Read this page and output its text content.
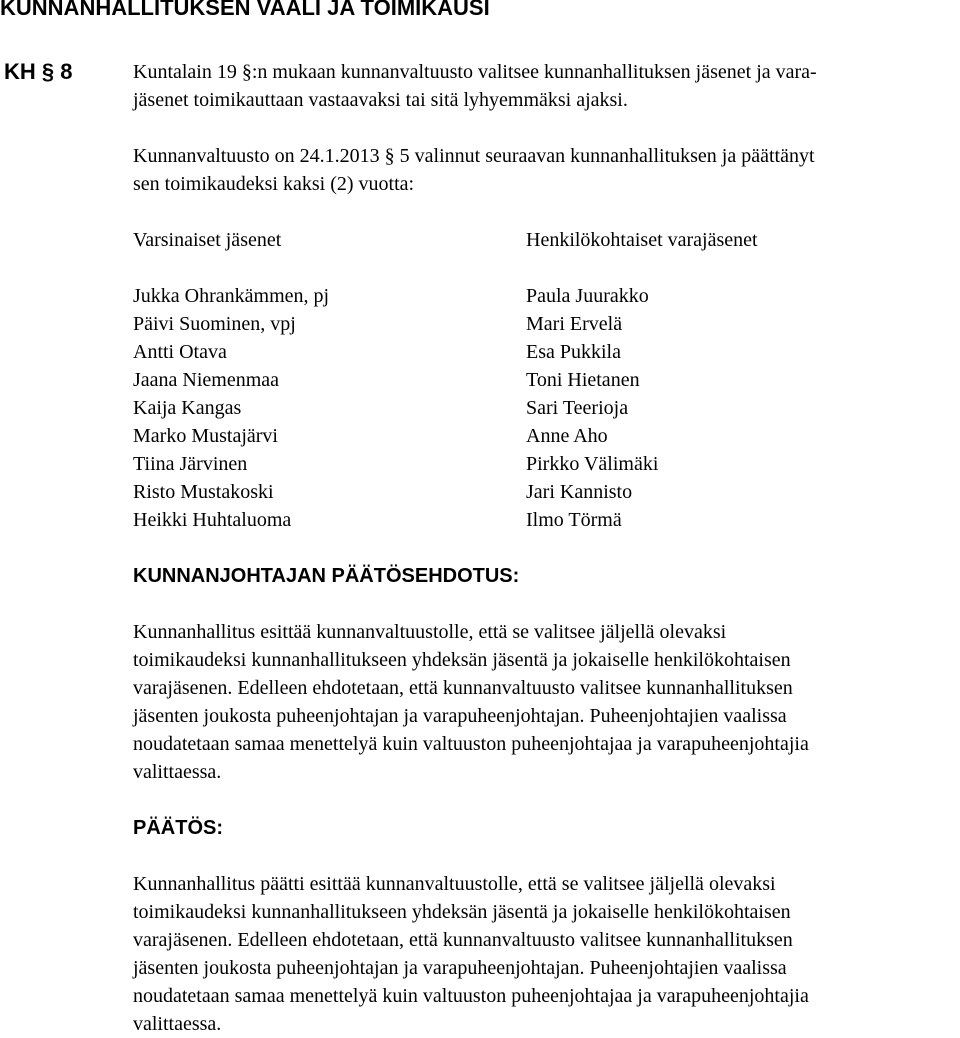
KUNNANHALLITUKSEN VAALI JA TOIMIKAUSI
KH § 8	Kuntalain 19 §:n mukaan kunnanvaltuusto valitsee kunnanhallituksen jäsenet ja vara-
jäsenet toimikauttaan vastaavaksi tai sitä lyhyemmäksi ajaksi.
Kunnanvaltuusto on 24.1.2013 § 5 valinnut seuraavan kunnanhallituksen ja päättänyt
sen toimikaudeksi kaksi (2) vuotta:
Varsinaiset jäsenet
Jukka Ohrankämmen, pj
Päivi Suominen, vpj
Antti Otava
Jaana Niemenmaa
Kaija Kangas
Marko Mustajärvi
Tiina Järvinen
Risto Mustakoski
Heikki Huhtaluoma
Henkilökohtaiset varajäsenet
Paula Juurakko
Mari Ervelä
Esa Pukkila
Toni Hietanen
Sari Teerioja
Anne Aho
Pirkko Välimäki
Jari Kannisto
Ilmo Törmä
KUNNANJOHTAJAN PÄÄTÖSEHDOTUS:
Kunnanhallitus esittää kunnanvaltuustolle, että se valitsee jäljellä olevaksi
toimikaudeksi kunnanhallitukseen yhdeksän jäsentä ja jokaiselle henkilökohtaisen
varajäsenen. Edelleen ehdotetaan, että kunnanvaltuusto valitsee kunnanhallituksen
jäsenten joukosta puheenjohtajan ja varapuheenjohtajan. Puheenjohtajien vaalissa
noudatetaan samaa menettelyä kuin valtuuston puheenjohtajaa ja varapuheenjohtajia
valittaessa.
PÄÄTÖS:
Kunnanhallitus päätti esittää kunnanvaltuustolle, että se valitsee jäljellä olevaksi
toimikaudeksi kunnanhallitukseen yhdeksän jäsentä ja jokaiselle henkilökohtaisen
varajäsenen. Edelleen ehdotetaan, että kunnanvaltuusto valitsee kunnanhallituksen
jäsenten joukosta puheenjohtajan ja varapuheenjohtajan. Puheenjohtajien vaalissa
noudatetaan samaa menettelyä kuin valtuuston puheenjohtajaa ja varapuheenjohtajia
valittaessa.
